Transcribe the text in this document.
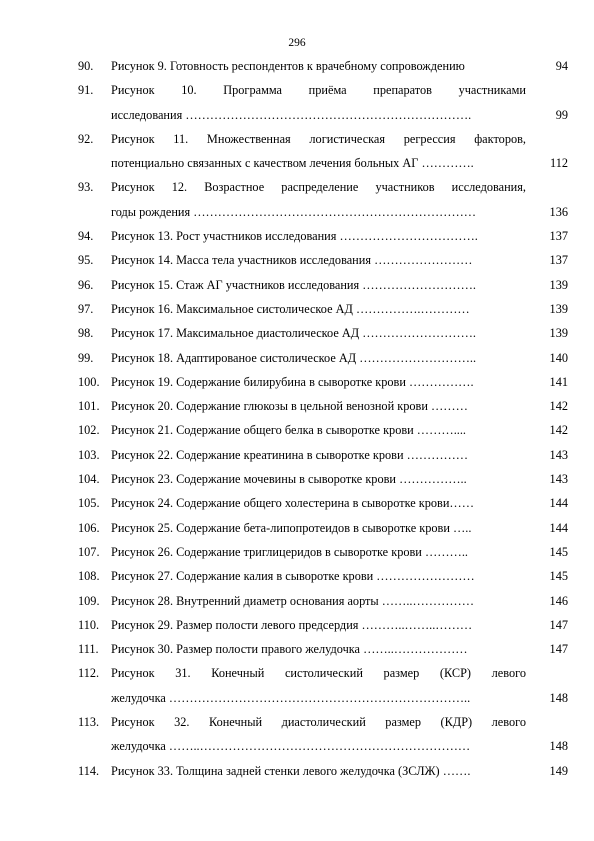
296
90. Рисунок 9. Готовность респондентов к врачебному сопровождению	94
91. Рисунок 10. Программа приёма препаратов участниками
исследования …………………………………………………………….	99
92. Рисунок 11. Множественная логистическая регрессия факторов,
потенциально связанных с качеством лечения больных АГ ………….	112
93. Рисунок 12. Возрастное распределение участников исследования,
годы рождения ……………………………………………………………	136
94. Рисунок 13. Рост участников исследования …………………………….	137
95. Рисунок 14. Масса тела участников исследования ……………………	137
96. Рисунок 15. Стаж АГ участников исследования ……………………….	139
97. Рисунок 16. Максимальное систолическое АД …………….…………	139
98. Рисунок 17. Максимальное диастолическое АД ……………………….	139
99. Рисунок 18. Адаптированое систолическое АД ………………………..	140
100. Рисунок 19. Содержание билирубина в сыворотке крови …………….	141
101. Рисунок 20. Содержание глюкозы в цельной венозной крови ………	142
102. Рисунок 21. Содержание общего белка в сыворотке крови ………....	142
103. Рисунок 22. Содержание креатинина в сыворотке крови ……………	143
104. Рисунок 23. Содержание мочевины в сыворотке крови ……………..	143
105. Рисунок 24. Содержание общего холестерина в сыворотке крови……	144
106. Рисунок 25. Содержание бета-липопротеидов в сыворотке крови …..	144
107. Рисунок 26. Содержание триглицеридов в сыворотке крови ………..	145
108. Рисунок 27. Содержание калия в сыворотке крови ……………………	145
109. Рисунок 28. Внутренний диаметр основания аорты ……..……………	146
110. Рисунок 29. Размер полости левого предсердия ………..……..………	147
111. Рисунок 30. Размер полости правого желудочка ……..………………	147
112. Рисунок 31. Конечный систолический размер (КСР) левого
желудочка ………………………………………………………………..	148
113. Рисунок 32. Конечный диастолический размер (КДР) левого
желудочка ……..…………………………………………………………	148
114. Рисунок 33. Толщина задней стенки левого желудочка (ЗСЛЖ) …….	149
